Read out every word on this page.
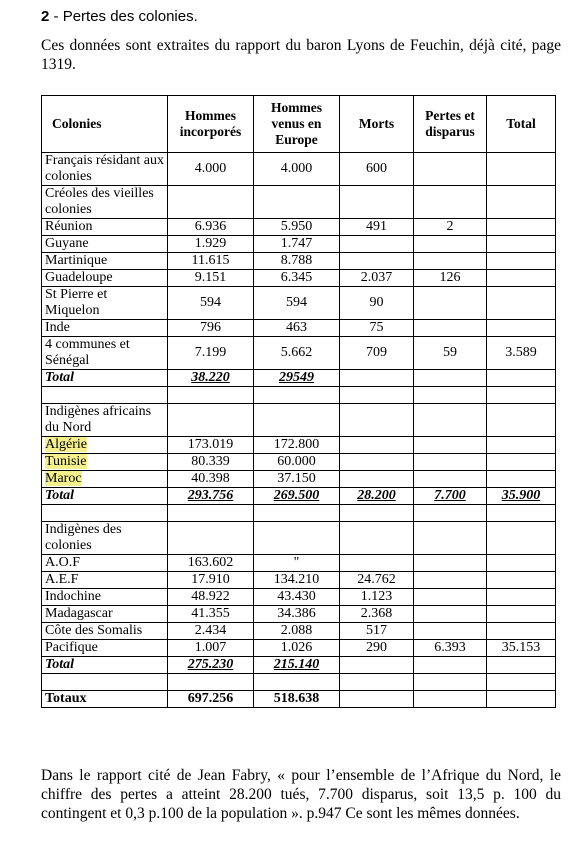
2 - Pertes des colonies.
Ces données sont extraites du rapport du baron Lyons de Feuchin, déjà cité, page 1319.
Colonies	Hommes incorporés	Hommes venus en Europe	Morts	Pertes et disparus	Total
Français résidant aux colonies	4.000	4.000	600		
Créoles des vieilles colonies					
Réunion	6.936	5.950	491	2	
Guyane	1.929	1.747			
Martinique	11.615	8.788			
Guadeloupe	9.151	6.345	2.037	126	
St Pierre et Miquelon	594	594	90		
Inde	796	463	75		
4 communes et Sénégal	7.199	5.662	709	59	3.589
Total	38.220	29549			

Indigènes africains du Nord					
Algérie	173.019	172.800			
Tunisie	80.339	60.000			
Maroc	40.398	37.150			
Total	293.756	269.500	28.200	7.700	35.900

Indigènes des colonies					
A.O.F	163.602	"			
A.E.F	17.910	134.210	24.762		
Indochine	48.922	43.430	1.123		
Madagascar	41.355	34.386	2.368		
Côte des Somalis	2.434	2.088	517		
Pacifique	1.007	1.026	290	6.393	35.153
Total	275.230	215.140			

Totaux	697.256	518.638			
Dans le rapport cité de Jean Fabry, « pour l’ensemble de l’Afrique du Nord, le chiffre des pertes a atteint 28.200 tués, 7.700 disparus, soit 13,5 p. 100 du contingent et 0,3 p.100 de la population ». p.947 Ce sont les mêmes données.
